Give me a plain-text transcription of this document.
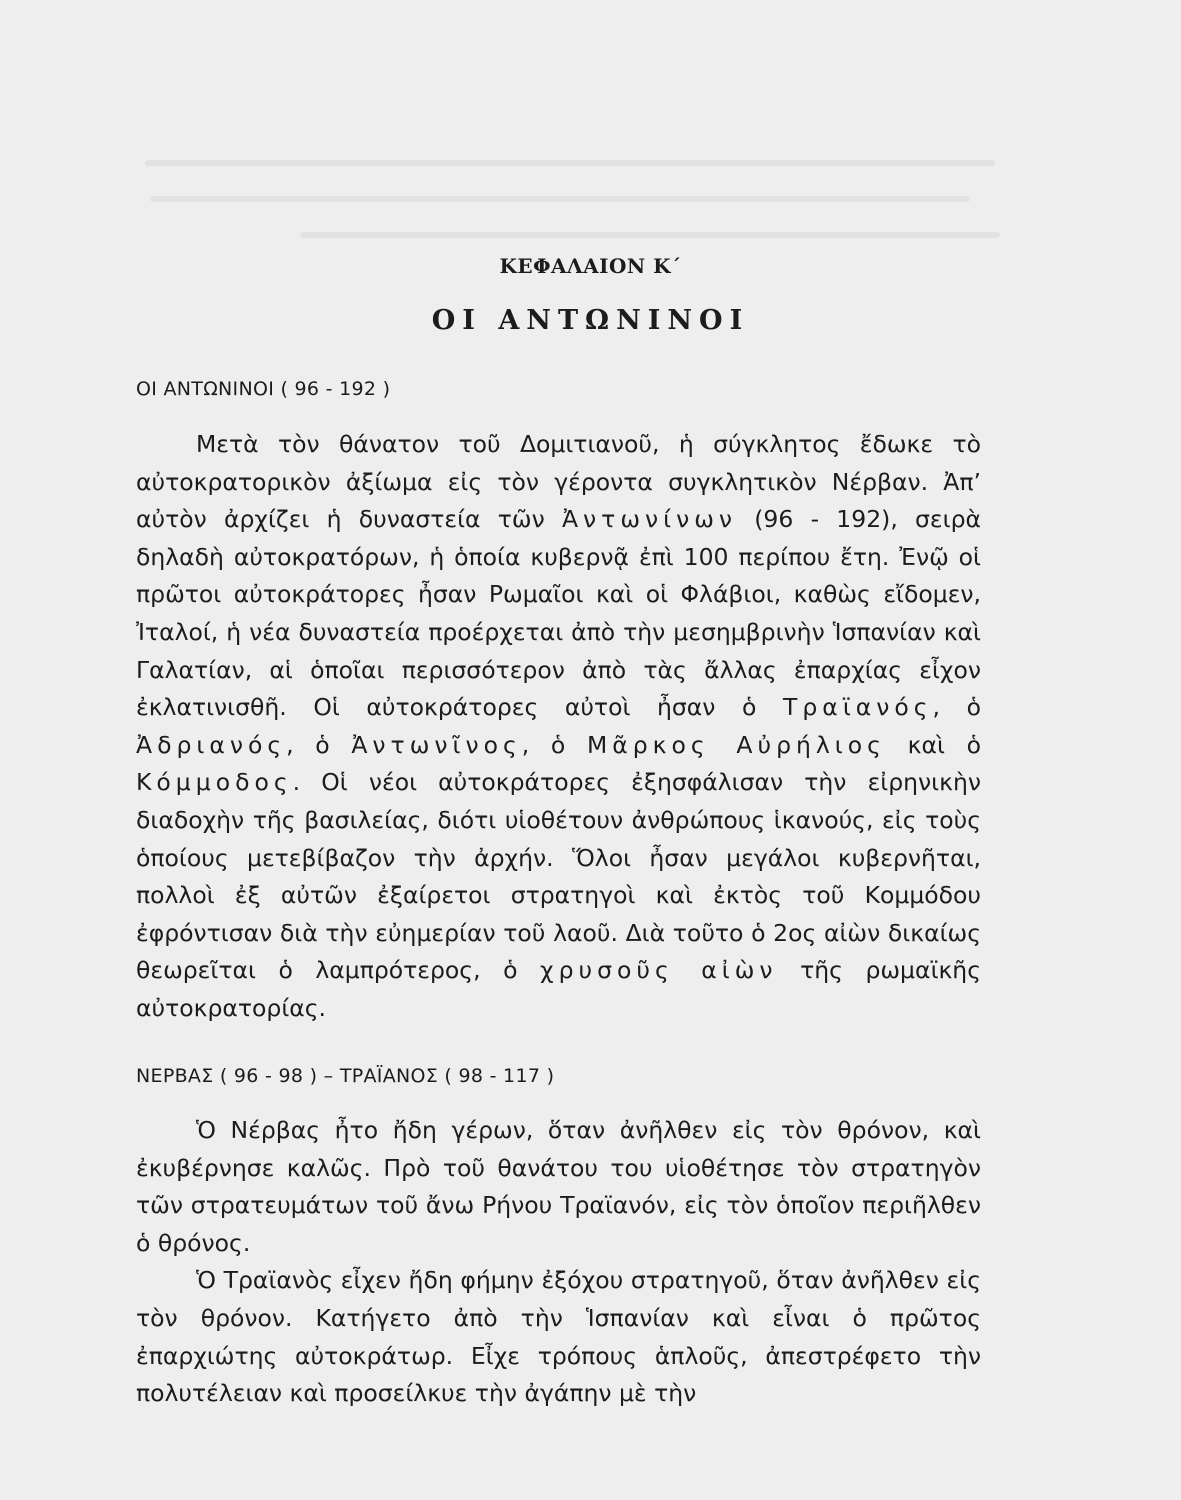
ΚΕΦΑΛΑΙΟΝ Κ΄
ΟΙ ΑΝΤΩΝΙΝΟΙ
ΟΙ ΑΝΤΩΝΙΝΟΙ ( 96 - 192 )

Μετὰ τὸν θάνατον τοῦ Δομιτιανοῦ, ἡ σύγκλητος ἔδωκε τὸ αὐτοκρατορικὸν ἀξίωμα εἰς τὸν γέροντα συγκλητικὸν Νέρβαν. Ἀπ’ αὐτὸν ἀρχίζει ἡ δυναστεία τῶν Ἀντωνίνων (96 - 192), σειρὰ δηλαδὴ αὐτοκρατόρων, ἡ ὁποία κυβερνᾷ ἐπὶ 100 περίπου ἔτη. Ἐνῷ οἱ πρῶτοι αὐτοκράτορες ἦσαν Ρωμαῖοι καὶ οἱ Φλάβιοι, καθὼς εἴδομεν, Ἰταλοί, ἡ νέα δυναστεία προέρχεται ἀπὸ τὴν μεσημβρινὴν Ἱσπανίαν καὶ Γαλατίαν, αἱ ὁποῖαι περισσότερον ἀπὸ τὰς ἄλλας ἐπαρχίας εἶχον ἐκλατινισθῆ. Οἱ αὐτοκράτορες αὐτοὶ ἦσαν ὁ Τραϊανός, ὁ Ἀδριανός, ὁ Ἀντωνῖνος, ὁ Μᾶρκος Αὐρήλιος καὶ ὁ Κόμμοδος. Οἱ νέοι αὐτοκράτορες ἐξησφάλισαν τὴν εἰρηνικὴν διαδοχὴν τῆς βασιλείας, διότι υἱοθέτουν ἀνθρώπους ἱκανούς, εἰς τοὺς ὁποίους μετεβίβαζον τὴν ἀρχήν. Ὅλοι ἦσαν μεγάλοι κυβερνῆται, πολλοὶ ἐξ αὐτῶν ἐξαίρετοι στρατηγοὶ καὶ ἐκτὸς τοῦ Κομμόδου ἐφρόντισαν διὰ τὴν εὐημερίαν τοῦ λαοῦ. Διὰ τοῦτο ὁ 2ος αἰὼν δικαίως θεωρεῖται ὁ λαμπρότερος, ὁ χρυσοῦς αἰὼν τῆς ρωμαϊκῆς αὐτοκρατορίας.

ΝΕΡΒΑΣ ( 96 - 98 ) – ΤΡΑΪΑΝΟΣ ( 98 - 117 )

Ὁ Νέρβας ἦτο ἤδη γέρων, ὅταν ἀνῆλθεν εἰς τὸν θρόνον, καὶ ἐκυβέρνησε καλῶς. Πρὸ τοῦ θανάτου του υἱοθέτησε τὸν στρατηγὸν τῶν στρατευμάτων τοῦ ἄνω Ρήνου Τραϊανόν, εἰς τὸν ὁποῖον περιῆλθεν ὁ θρόνος.

Ὁ Τραϊανὸς εἶχεν ἤδη φήμην ἐξόχου στρατηγοῦ, ὅταν ἀνῆλθεν εἰς τὸν θρόνον. Κατήγετο ἀπὸ τὴν Ἱσπανίαν καὶ εἶναι ὁ πρῶτος ἐπαρχιώτης αὐτοκράτωρ. Εἶχε τρόπους ἁπλοῦς, ἀπεστρέφετο τὴν πολυτέλειαν καὶ προσείλκυε τὴν ἀγάπην μὲ τὴν
